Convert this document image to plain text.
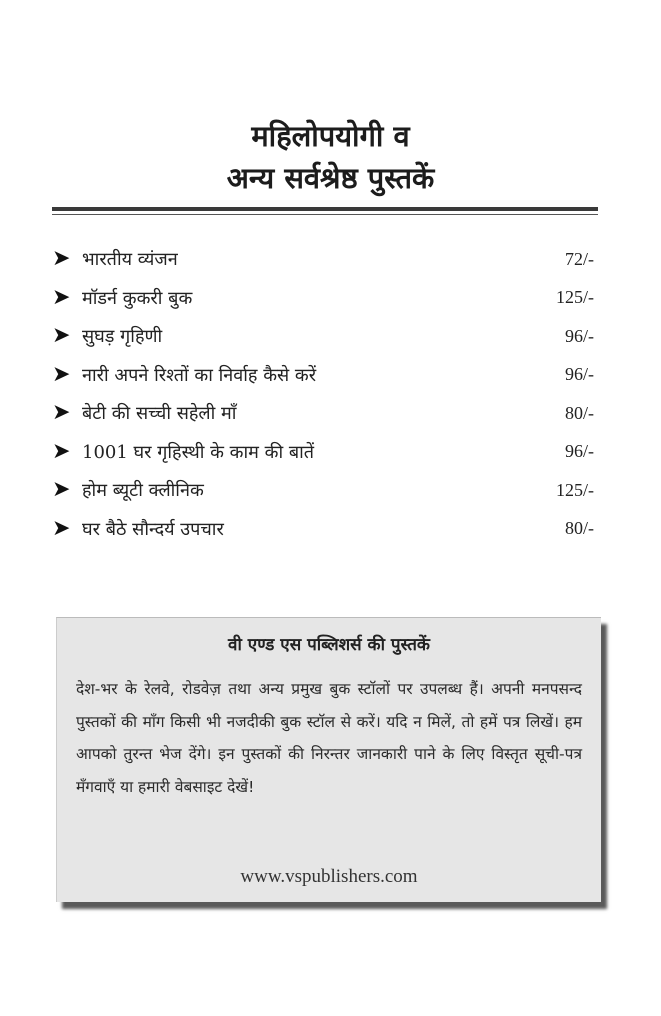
महिलोपयोगी व
अन्य सर्वश्रेष्ठ पुस्तकें
➤ भारतीय व्यंजन	72/-
➤ मॉडर्न कुकरी बुक	125/-
➤ सुघड़ गृहिणी	96/-
➤ नारी अपने रिश्तों का निर्वाह कैसे करें	96/-
➤ बेटी की सच्ची सहेली माँ	80/-
➤ 1001 घर गृहिस्थी के काम की बातें	96/-
➤ होम ब्यूटी क्लीनिक	125/-
➤ घर बैठे सौन्दर्य उपचार	80/-
वी एण्ड एस पब्लिशर्स की पुस्तकें

देश-भर के रेलवे, रोडवेज़ तथा अन्य प्रमुख बुक स्टॉलों पर उपलब्ध हैं। अपनी मनपसन्द पुस्तकों की माँग किसी भी नजदीकी बुक स्टॉल से करें। यदि न मिलें, तो हमें पत्र लिखें। हम आपको तुरन्त भेज देंगे। इन पुस्तकों की निरन्तर जानकारी पाने के लिए विस्तृत सूची-पत्र मँगवाएँ या हमारी वेबसाइट देखें!

www.vspublishers.com
